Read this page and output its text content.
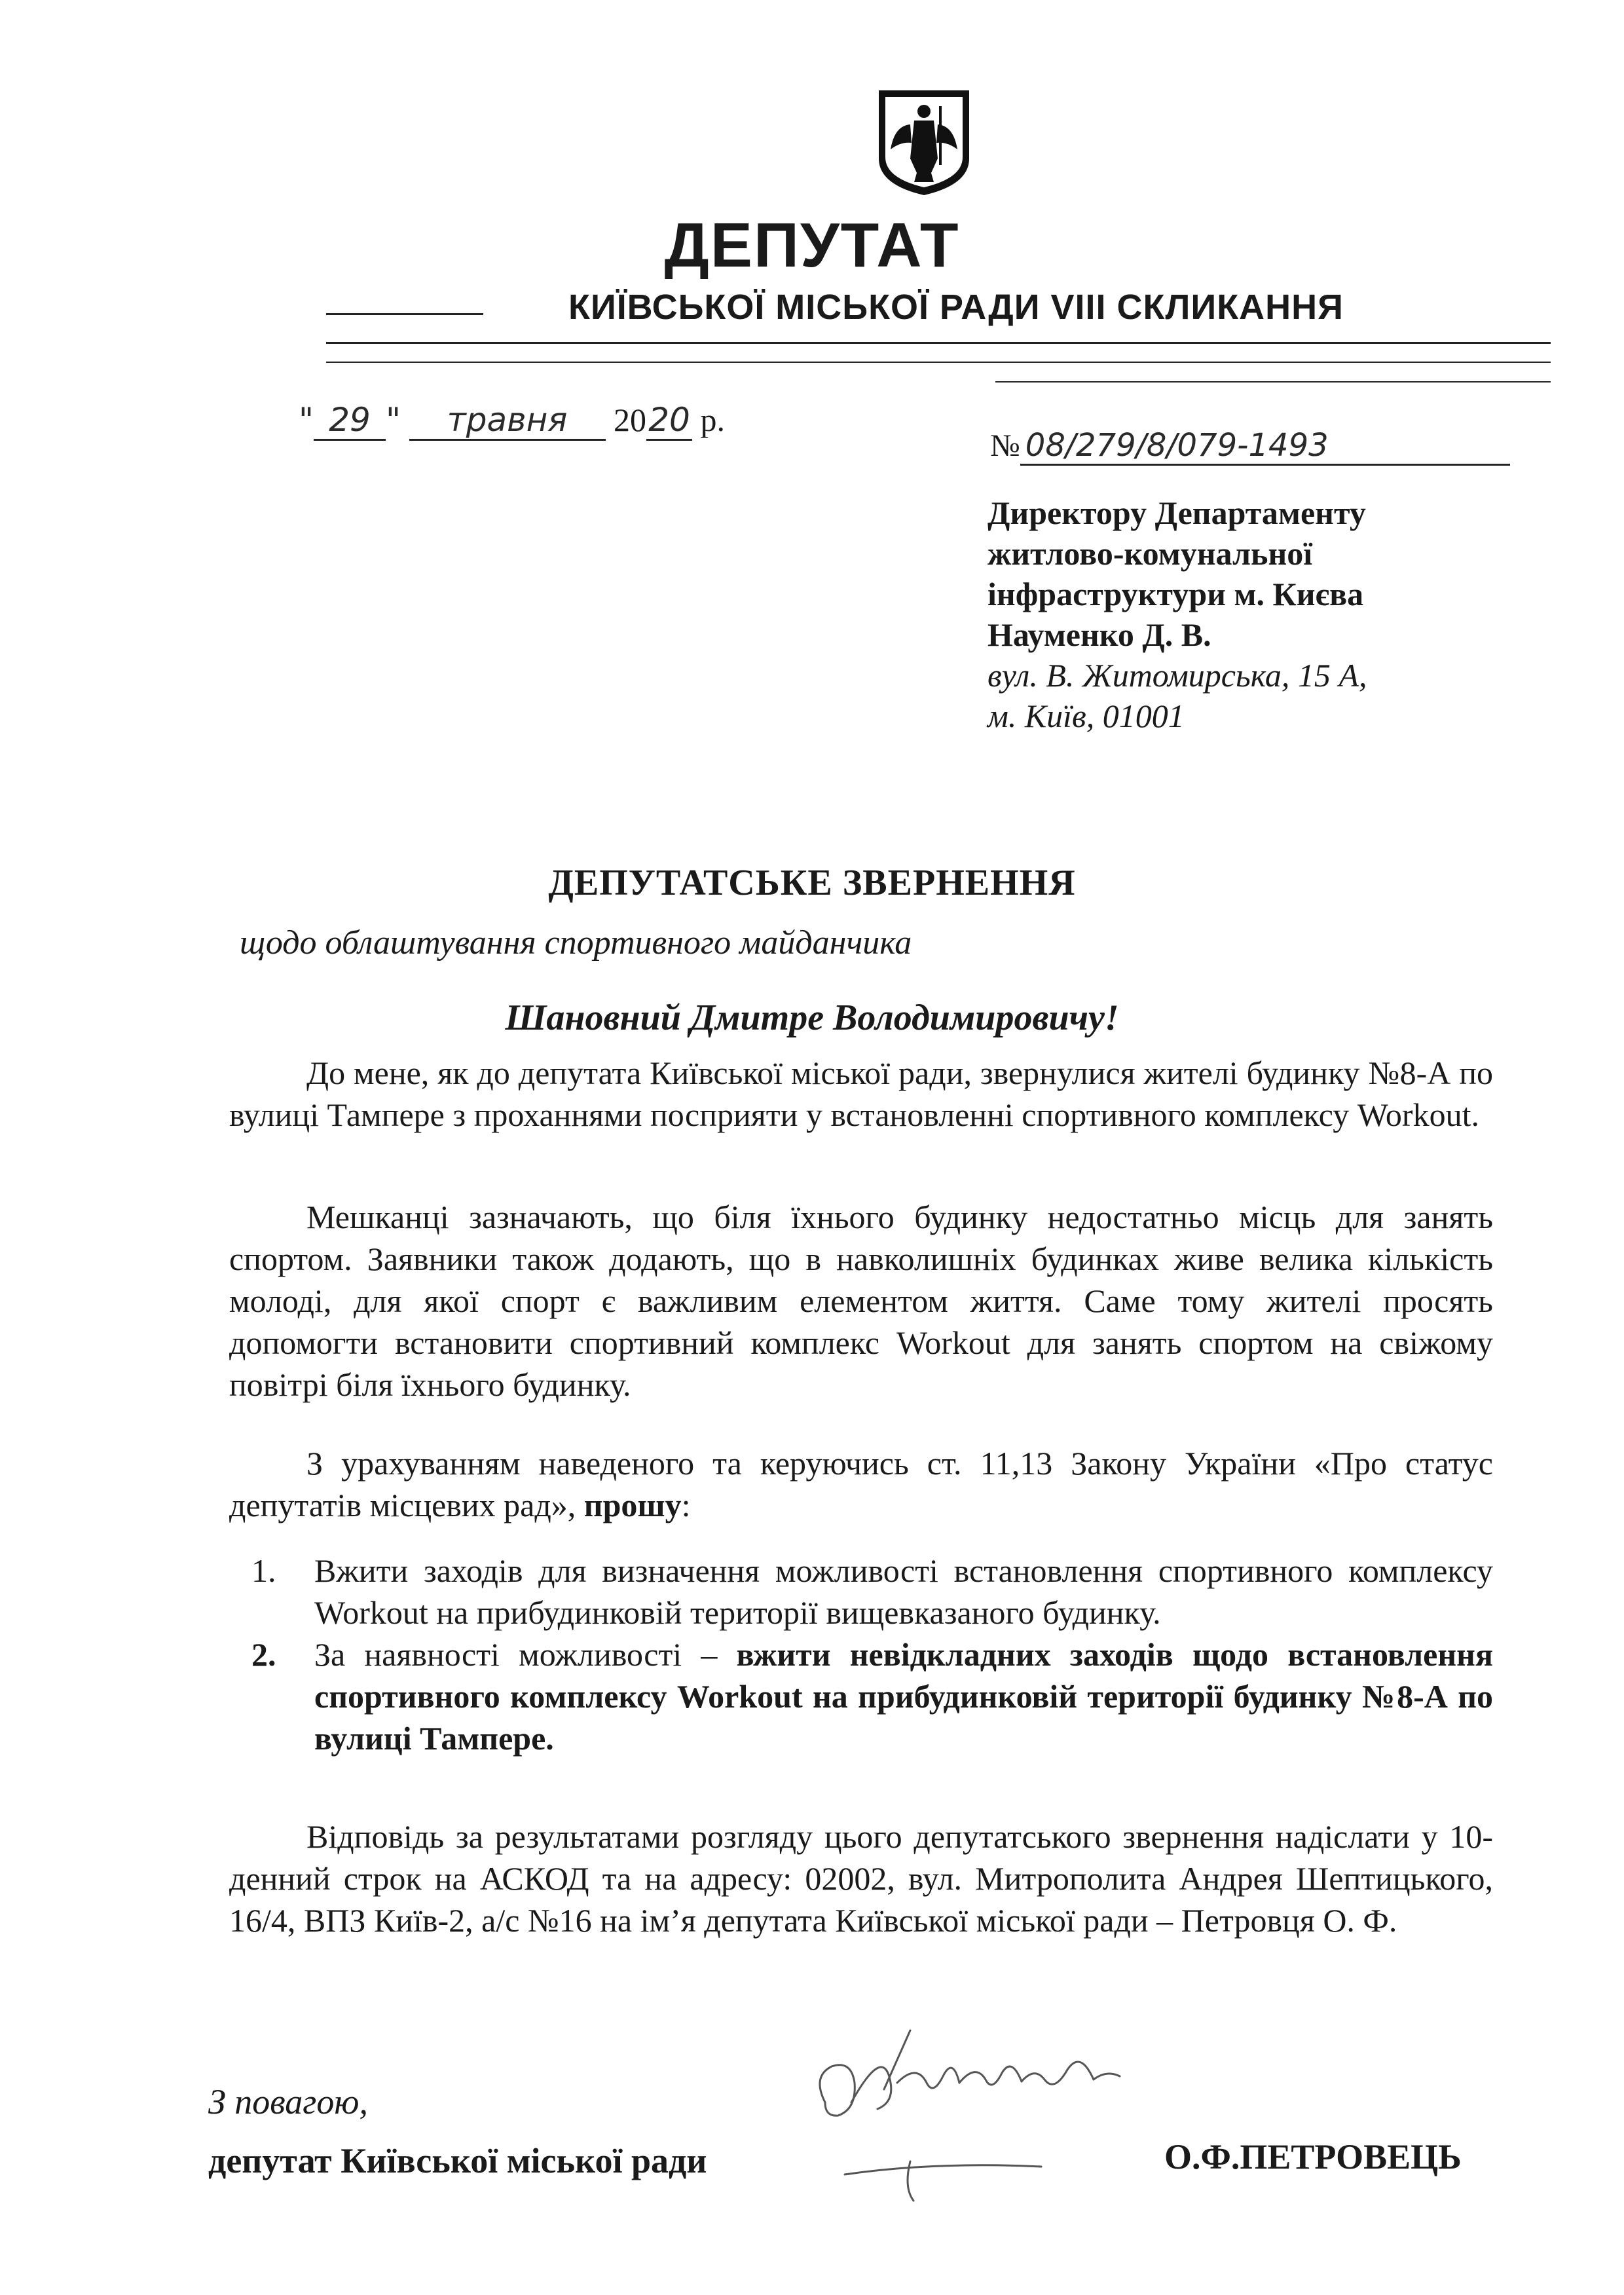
ДЕПУТАТ
КИЇВСЬКОЇ МІСЬКОЇ РАДИ VIII СКЛИКАННЯ
" 29 " травня 2020 р.
№ 08/279/8/079-1493
Директору Департаменту
житлово-комунальної
інфраструктури м. Києва
Науменко Д. В.
вул. В. Житомирська, 15 А,
м. Київ, 01001
ДЕПУТАТСЬКЕ ЗВЕРНЕННЯ
щодо облаштування спортивного майданчика
Шановний Дмитре Володимировичу!

До мене, як до депутата Київської міської ради, звернулися жителі будинку №8-А по вулиці Тампере з проханнями посприяти у встановленні спортивного комплексу Workout.

Мешканці зазначають, що біля їхнього будинку недостатньо місць для занять спортом. Заявники також додають, що в навколишніх будинках живе велика кількість молоді, для якої спорт є важливим елементом життя. Саме тому жителі просять допомогти встановити спортивний комплекс Workout для занять спортом на свіжому повітрі біля їхнього будинку.

З урахуванням наведеного та керуючись ст. 11,13 Закону України «Про статус депутатів місцевих рад», прошу:

1.	Вжити заходів для визначення можливості встановлення спортивного комплексу Workout на прибудинковій території вищевказаного будинку.
2.	За наявності можливості – вжити невідкладних заходів щодо встановлення спортивного комплексу Workout на прибудинковій території будинку №8-А по вулиці Тампере.

Відповідь за результатами розгляду цього депутатського звернення надіслати у 10-денний строк на АСКОД та на адресу: 02002, вул. Митрополита Андрея Шептицького, 16/4, ВПЗ Київ-2, а/с №16 на ім’я депутата Київської міської ради – Петровця О. Ф.

З повагою,
депутат Київської міської ради	О.Ф.ПЕТРОВЕЦЬ
